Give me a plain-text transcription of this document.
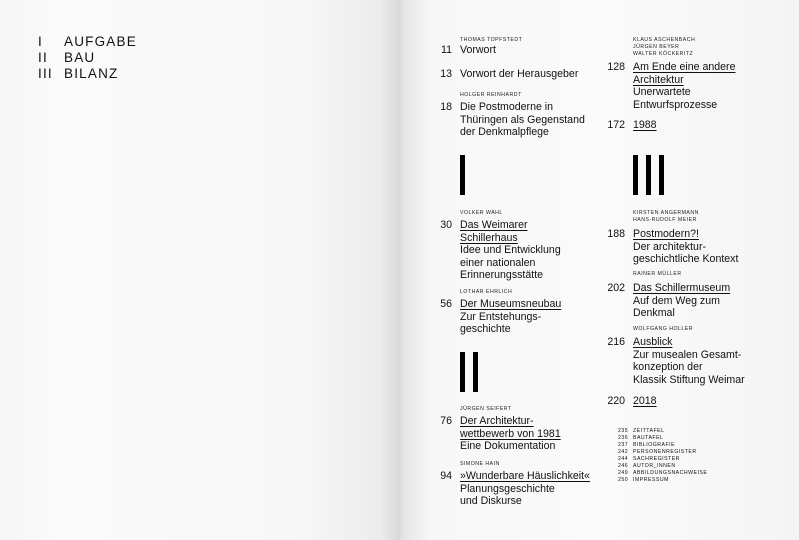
I AUFGABE
II BAU
III BILANZ
THOMAS TOPFSTEDT
11 Vorwort
13 Vorwort der Herausgeber
HOLGER REINHARDT
18 Die Postmoderne in
Thüringen als Gegenstand
der Denkmalpflege
VOLKER WAHL
30 Das Weimarer
Schillerhaus
Idee und Entwicklung
einer nationalen
Erinnerungsstätte
LOTHAR EHRLICH
56 Der Museumsneubau
Zur Entstehungs-
geschichte
JÜRGEN SEIFERT
76 Der Architektur-
wettbewerb von 1981
Eine Dokumentation
SIMONE HAIN
94 »Wunderbare Häuslichkeit«
Planungsgeschichte
und Diskurse
KLAUS ASCHENBACH
JÜRGEN BEYER
WALTER KÖCKERITZ
128 Am Ende eine andere
Architektur
Unerwartete
Entwurfsprozesse
172 1988
KIRSTEN ANGERMANN
HANS-RUDOLF MEIER
188 Postmodern?!
Der architektur-
geschichtliche Kontext
RAINER MÜLLER
202 Das Schillermuseum
Auf dem Weg zum
Denkmal
WOLFGANG HOLLER
216 Ausblick
Zur musealen Gesamt-
konzeption der
Klassik Stiftung Weimar
220 2018
235 ZEITTAFEL
236 BAUTAFEL
237 BIBLIOGRAFIE
242 PERSONENREGISTER
244 SACHREGISTER
246 AUTOR_INNEN
249 ABBILDUNGSNACHWEISE
250 IMPRESSUM
